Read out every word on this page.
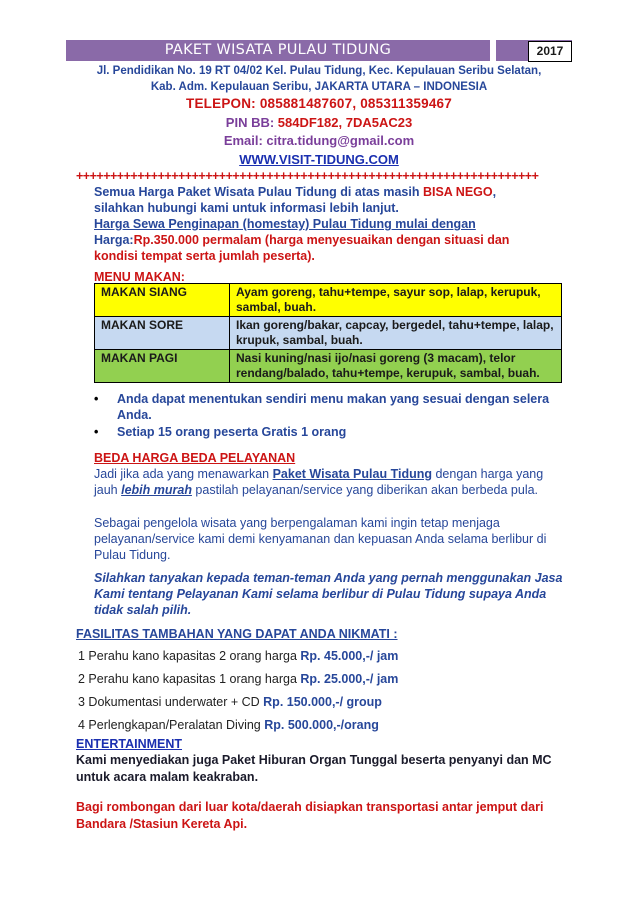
PAKET WISATA PULAU TIDUNG	2017
Jl. Pendidikan No. 19 RT 04/02 Kel. Pulau Tidung, Kec. Kepulauan Seribu Selatan,
Kab. Adm. Kepulauan Seribu, JAKARTA UTARA – INDONESIA
TELEPON: 085881487607, 085311359467
PIN BB: 584DF182, 7DA5AC23
Email: citra.tidung@gmail.com
WWW.VISIT-TIDUNG.COM
++++++++++++++++++++++++++++++++++++++++++++++++++++++++++++++++++++
Semua Harga Paket Wisata Pulau Tidung di atas masih BISA NEGO,
silahkan hubungi kami untuk informasi lebih lanjut.
Harga Sewa Penginapan (homestay) Pulau Tidung mulai dengan
Harga:Rp.350.000 permalam (harga menyesuaikan dengan situasi dan
kondisi tempat serta jumlah peserta).
MENU MAKAN:
MAKAN SIANG	Ayam goreng, tahu+tempe, sayur sop, lalap, kerupuk, sambal, buah.
MAKAN SORE	Ikan goreng/bakar, capcay, bergedel, tahu+tempe, lalap, krupuk, sambal, buah.
MAKAN PAGI	Nasi kuning/nasi ijo/nasi goreng (3 macam), telor rendang/balado, tahu+tempe, kerupuk, sambal, buah.
• Anda dapat menentukan sendiri menu makan yang sesuai dengan selera Anda.
• Setiap 15 orang peserta Gratis 1 orang
BEDA HARGA BEDA PELAYANAN
Jadi jika ada yang menawarkan Paket Wisata Pulau Tidung dengan harga yang
jauh lebih murah pastilah pelayanan/service yang diberikan akan berbeda pula.
Sebagai pengelola wisata yang berpengalaman kami ingin tetap menjaga pelayanan/service kami demi kenyamanan dan kepuasan Anda selama berlibur di Pulau Tidung.
Silahkan tanyakan kepada teman-teman Anda yang pernah menggunakan Jasa Kami tentang Pelayanan Kami selama berlibur di Pulau Tidung supaya Anda tidak salah pilih.
FASILITAS TAMBAHAN YANG DAPAT ANDA NIKMATI :
1 Perahu kano kapasitas 2 orang harga Rp. 45.000,-/ jam
2 Perahu kano kapasitas 1 orang harga Rp. 25.000,-/ jam
3 Dokumentasi underwater + CD Rp. 150.000,-/ group
4 Perlengkapan/Peralatan Diving Rp. 500.000,-/orang
ENTERTAINMENT
Kami menyediakan juga Paket Hiburan Organ Tunggal beserta penyanyi dan MC untuk acara malam keakraban.
Bagi rombongan dari luar kota/daerah disiapkan transportasi antar jemput dari Bandara /Stasiun Kereta Api.
